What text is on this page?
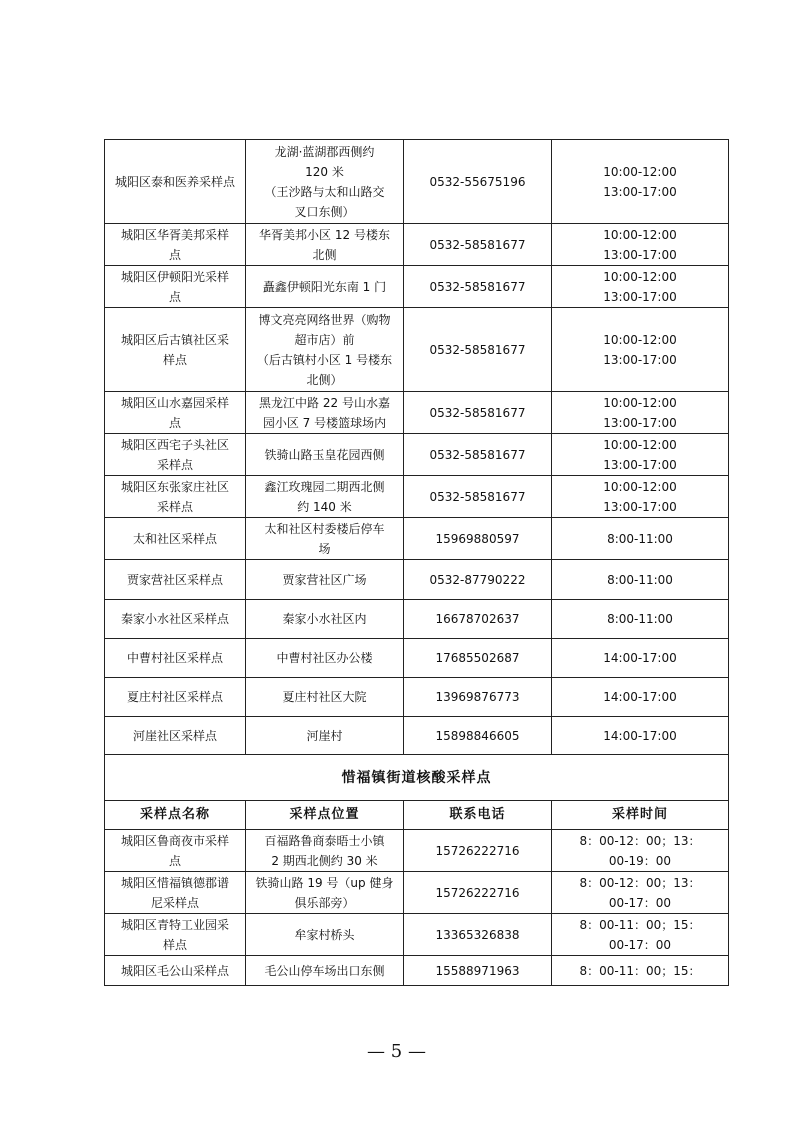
城阳区泰和医养采样点	龙湖·蓝湖郡西侧约
120 米
（王沙路与太和山路交
叉口东侧）	0532-55675196	10:00-12:00
13:00-17:00
城阳区华胥美邦采样
点	华胥美邦小区 12 号楼东
北侧	0532-58581677	10:00-12:00
13:00-17:00
城阳区伊顿阳光采样
点	矗鑫伊顿阳光东南 1 门	0532-58581677	10:00-12:00
13:00-17:00
城阳区后古镇社区采
样点	博文亮亮网络世界（购物
超市店）前
（后古镇村小区 1 号楼东
北侧）	0532-58581677	10:00-12:00
13:00-17:00
城阳区山水嘉园采样
点	黑龙江中路 22 号山水嘉
园小区 7 号楼篮球场内	0532-58581677	10:00-12:00
13:00-17:00
城阳区西宅子头社区
采样点	铁骑山路玉皇花园西侧	0532-58581677	10:00-12:00
13:00-17:00
城阳区东张家庄社区
采样点	鑫江玫瑰园二期西北侧
约 140 米	0532-58581677	10:00-12:00
13:00-17:00
太和社区采样点	太和社区村委楼后停车
场	15969880597	8:00-11:00
贾家营社区采样点	贾家营社区广场	0532-87790222	8:00-11:00
秦家小水社区采样点	秦家小水社区内	16678702637	8:00-11:00
中曹村社区采样点	中曹村社区办公楼	17685502687	14:00-17:00
夏庄村社区采样点	夏庄村社区大院	13969876773	14:00-17:00
河崖社区采样点	河崖村	15898846605	14:00-17:00
惜福镇街道核酸采样点			
采样点名称	采样点位置	联系电话	采样时间
城阳区鲁商夜市采样
点	百福路鲁商泰晤士小镇
2 期西北侧约 30 米	15726222716	8：00-12：00；13：
00-19：00
城阳区惜福镇德郡谱
尼采样点	铁骑山路 19 号（up 健身
俱乐部旁）	15726222716	8：00-12：00；13：
00-17：00
城阳区青特工业园采
样点	牟家村桥头	13365326838	8：00-11：00；15：
00-17：00
城阳区毛公山采样点	毛公山停车场出口东侧	15588971963	8：00-11：00；15：
— 5 —
